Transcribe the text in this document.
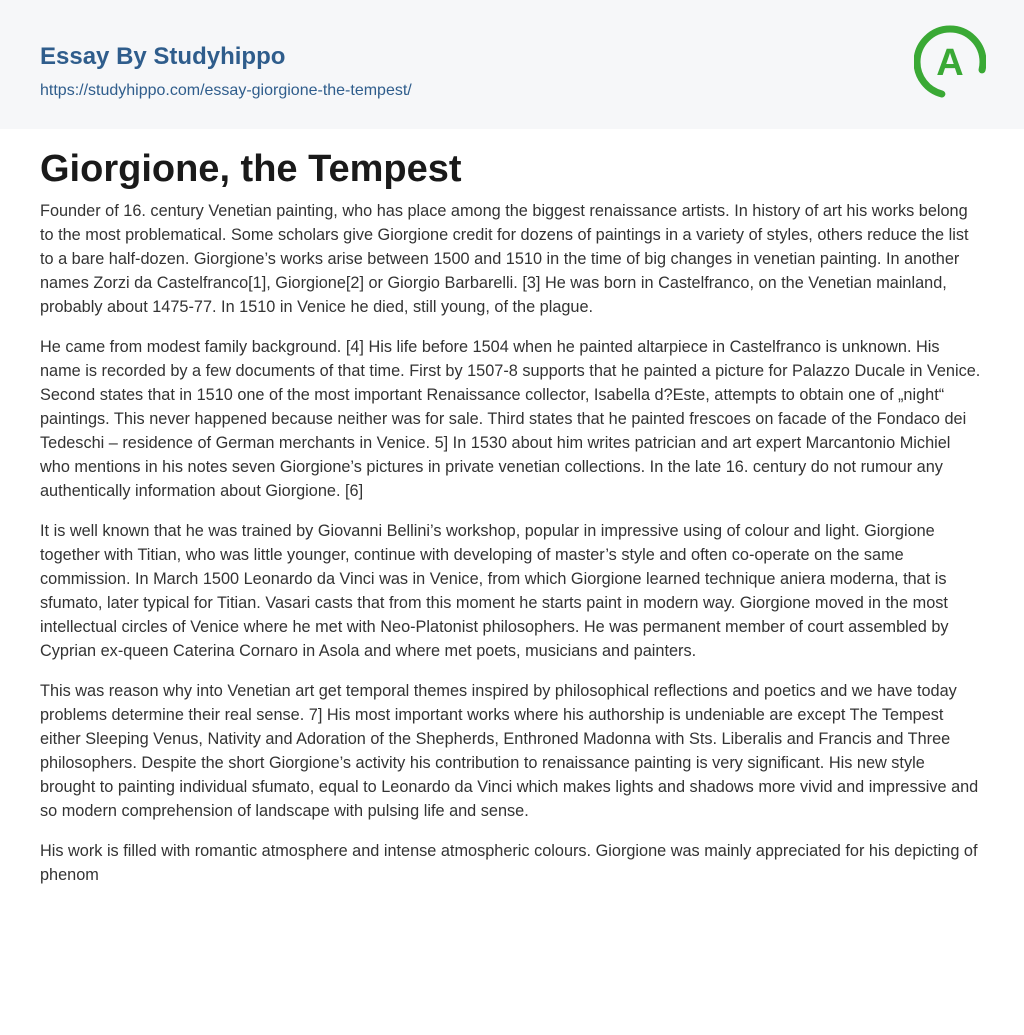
Essay By Studyhippo
https://studyhippo.com/essay-giorgione-the-tempest/
A
Giorgione, the Tempest

Founder of 16. century Venetian painting, who has place among the biggest renaissance artists. In history of art his works belong to the most problematical. Some scholars give Giorgione credit for dozens of paintings in a variety of styles, others reduce the list to a bare half-dozen. Giorgione’s works arise between 1500 and 1510 in the time of big changes in venetian painting. In another names Zorzi da Castelfranco[1], Giorgione[2] or Giorgio Barbarelli. [3] He was born in Castelfranco, on the Venetian mainland, probably about 1475-77. In 1510 in Venice he died, still young, of the plague.

He came from modest family background. [4] His life before 1504 when he painted altarpiece in Castelfranco is unknown. His name is recorded by a few documents of that time. First by 1507-8 supports that he painted a picture for Palazzo Ducale in Venice. Second states that in 1510 one of the most important Renaissance collector, Isabella d?Este, attempts to obtain one of „night“ paintings. This never happened because neither was for sale. Third states that he painted frescoes on facade of the Fondaco dei Tedeschi – residence of German merchants in Venice. 5] In 1530 about him writes patrician and art expert Marcantonio Michiel who mentions in his notes seven Giorgione’s pictures in private venetian collections. In the late 16. century do not rumour any authentically information about Giorgione. [6]

It is well known that he was trained by Giovanni Bellini’s workshop, popular in impressive using of colour and light. Giorgione together with Titian, who was little younger, continue with developing of master’s style and often co-operate on the same commission. In March 1500 Leonardo da Vinci was in Venice, from which Giorgione learned technique aniera moderna, that is sfumato, later typical for Titian. Vasari casts that from this moment he starts paint in modern way. Giorgione moved in the most intellectual circles of Venice where he met with Neo-Platonist philosophers. He was permanent member of court assembled by Cyprian ex-queen Caterina Cornaro in Asola and where met poets, musicians and painters.

This was reason why into Venetian art get temporal themes inspired by philosophical reflections and poetics and we have today problems determine their real sense. 7] His most important works where his authorship is undeniable are except The Tempest either Sleeping Venus, Nativity and Adoration of the Shepherds, Enthroned Madonna with Sts. Liberalis and Francis and Three philosophers. Despite the short Giorgione’s activity his contribution to renaissance painting is very significant. His new style brought to painting individual sfumato, equal to Leonardo da Vinci which makes lights and shadows more vivid and impressive and so modern comprehension of landscape with pulsing life and sense.

His work is filled with romantic atmosphere and intense atmospheric colours. Giorgione was mainly appreciated for his depicting of phenom
